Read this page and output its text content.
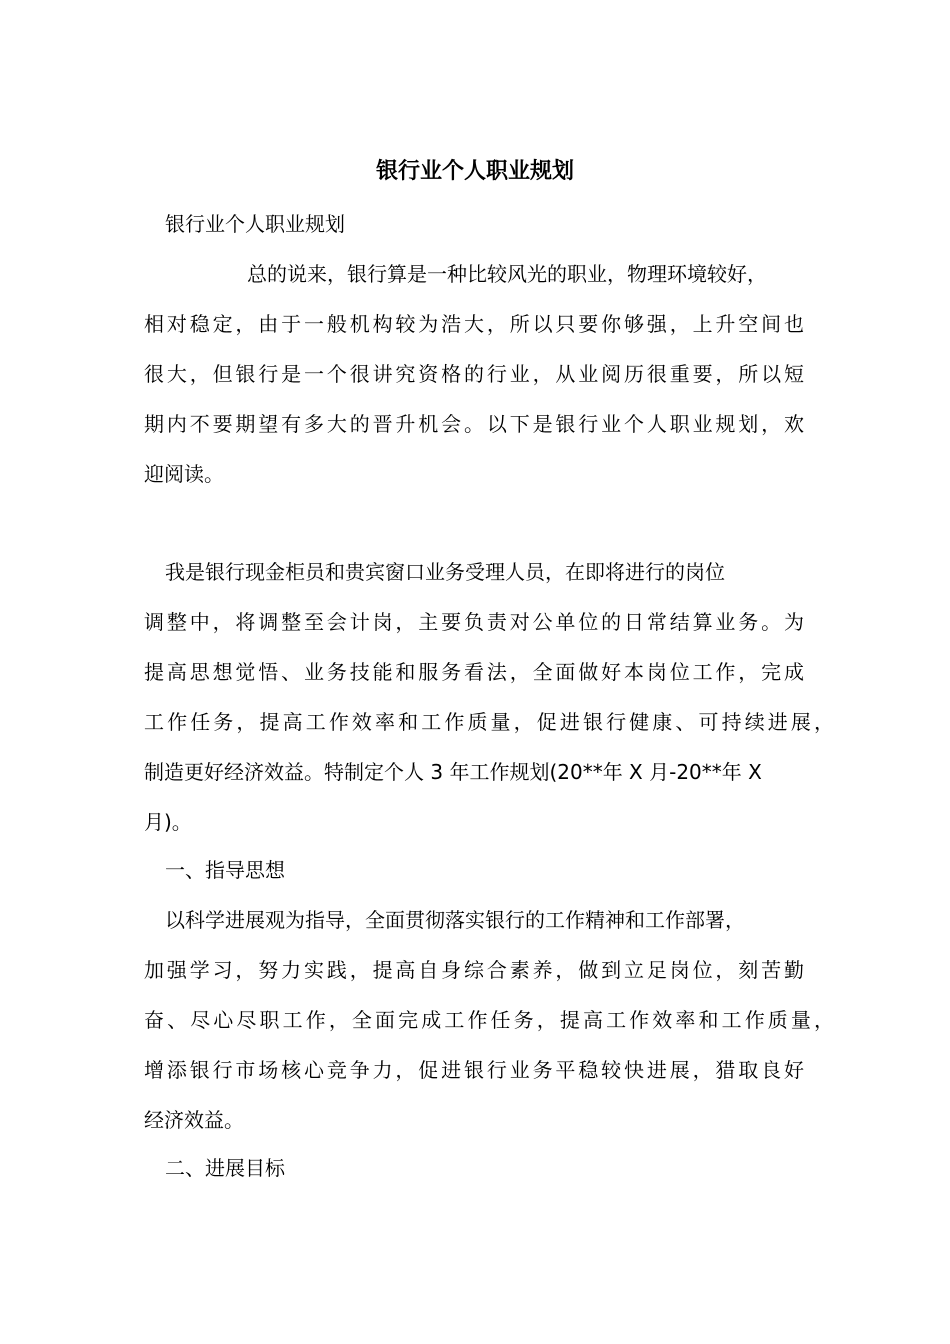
银行业个人职业规划

银行业个人职业规划

总的说来，银行算是一种比较风光的职业，物理环境较好，

相对稳定，由于一般机构较为浩大，所以只要你够强，上升空间也

很大，但银行是一个很讲究资格的行业，从业阅历很重要，所以短

期内不要期望有多大的晋升机会。以下是银行业个人职业规划，欢

迎阅读。

我是银行现金柜员和贵宾窗口业务受理人员，在即将进行的岗位

调整中，将调整至会计岗，主要负责对公单位的日常结算业务。为

提高思想觉悟、业务技能和服务看法，全面做好本岗位工作，完成

工作任务，提高工作效率和工作质量，促进银行健康、可持续进展，

制造更好经济效益。特制定个人 3 年工作规划(20**年 X 月-20**年 X

月)。

一、指导思想

以科学进展观为指导，全面贯彻落实银行的工作精神和工作部署，

加强学习，努力实践，提高自身综合素养，做到立足岗位，刻苦勤

奋、尽心尽职工作，全面完成工作任务，提高工作效率和工作质量，

增添银行市场核心竞争力，促进银行业务平稳较快进展，猎取良好

经济效益。

二、进展目标
